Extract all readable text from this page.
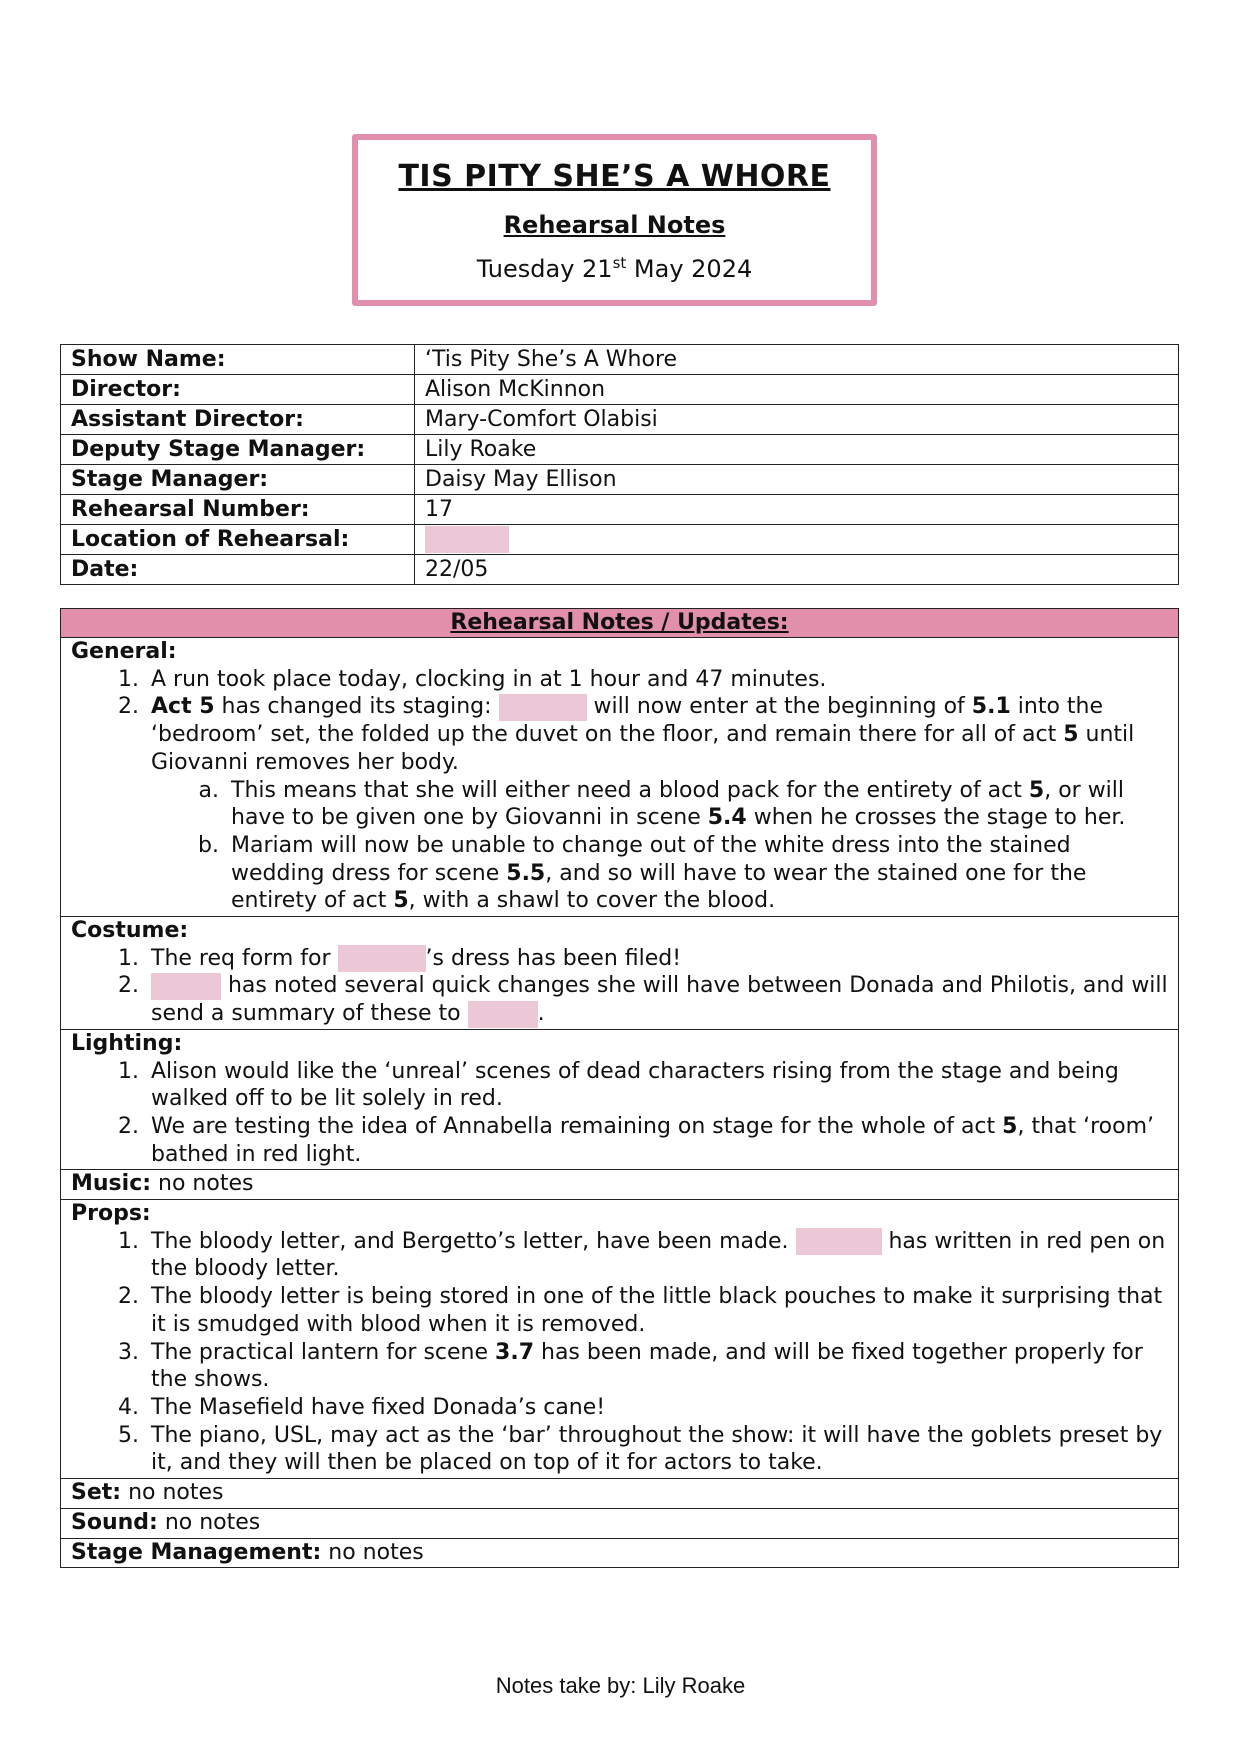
TIS PITY SHE’S A WHORE
Rehearsal Notes
Tuesday 21st May 2024
Show Name:	‘Tis Pity She’s A Whore
Director:	Alison McKinnon
Assistant Director:	Mary-Comfort Olabisi
Deputy Stage Manager:	Lily Roake
Stage Manager:	Daisy May Ellison
Rehearsal Number:	17
Location of Rehearsal:	
Date:	22/05
Rehearsal Notes / Updates:
General:
1. A run took place today, clocking in at 1 hour and 47 minutes.
2. Act 5 has changed its staging:	will now enter at the beginning of 5.1 into the ‘bedroom’ set, the folded up the duvet on the floor, and remain there for all of act 5 until Giovanni removes her body.
a. This means that she will either need a blood pack for the entirety of act 5, or will have to be given one by Giovanni in scene 5.4 when he crosses the stage to her.
b. Mariam will now be unable to change out of the white dress into the stained wedding dress for scene 5.5, and so will have to wear the stained one for the entirety of act 5, with a shawl to cover the blood.
Costume:
1. The req form for	’s dress has been filed!
2. has noted several quick changes she will have between Donada and Philotis, and will send a summary of these to	.
Lighting:
1. Alison would like the ‘unreal’ scenes of dead characters rising from the stage and being walked off to be lit solely in red.
2. We are testing the idea of Annabella remaining on stage for the whole of act 5, that ‘room’ bathed in red light.
Music: no notes
Props:
1. The bloody letter, and Bergetto’s letter, have been made.	has written in red pen on the bloody letter.
2. The bloody letter is being stored in one of the little black pouches to make it surprising that it is smudged with blood when it is removed.
3. The practical lantern for scene 3.7 has been made, and will be fixed together properly for the shows.
4. The Masefield have fixed Donada’s cane!
5. The piano, USL, may act as the ‘bar’ throughout the show: it will have the goblets preset by it, and they will then be placed on top of it for actors to take.
Set: no notes
Sound: no notes
Stage Management: no notes
Notes take by: Lily Roake
